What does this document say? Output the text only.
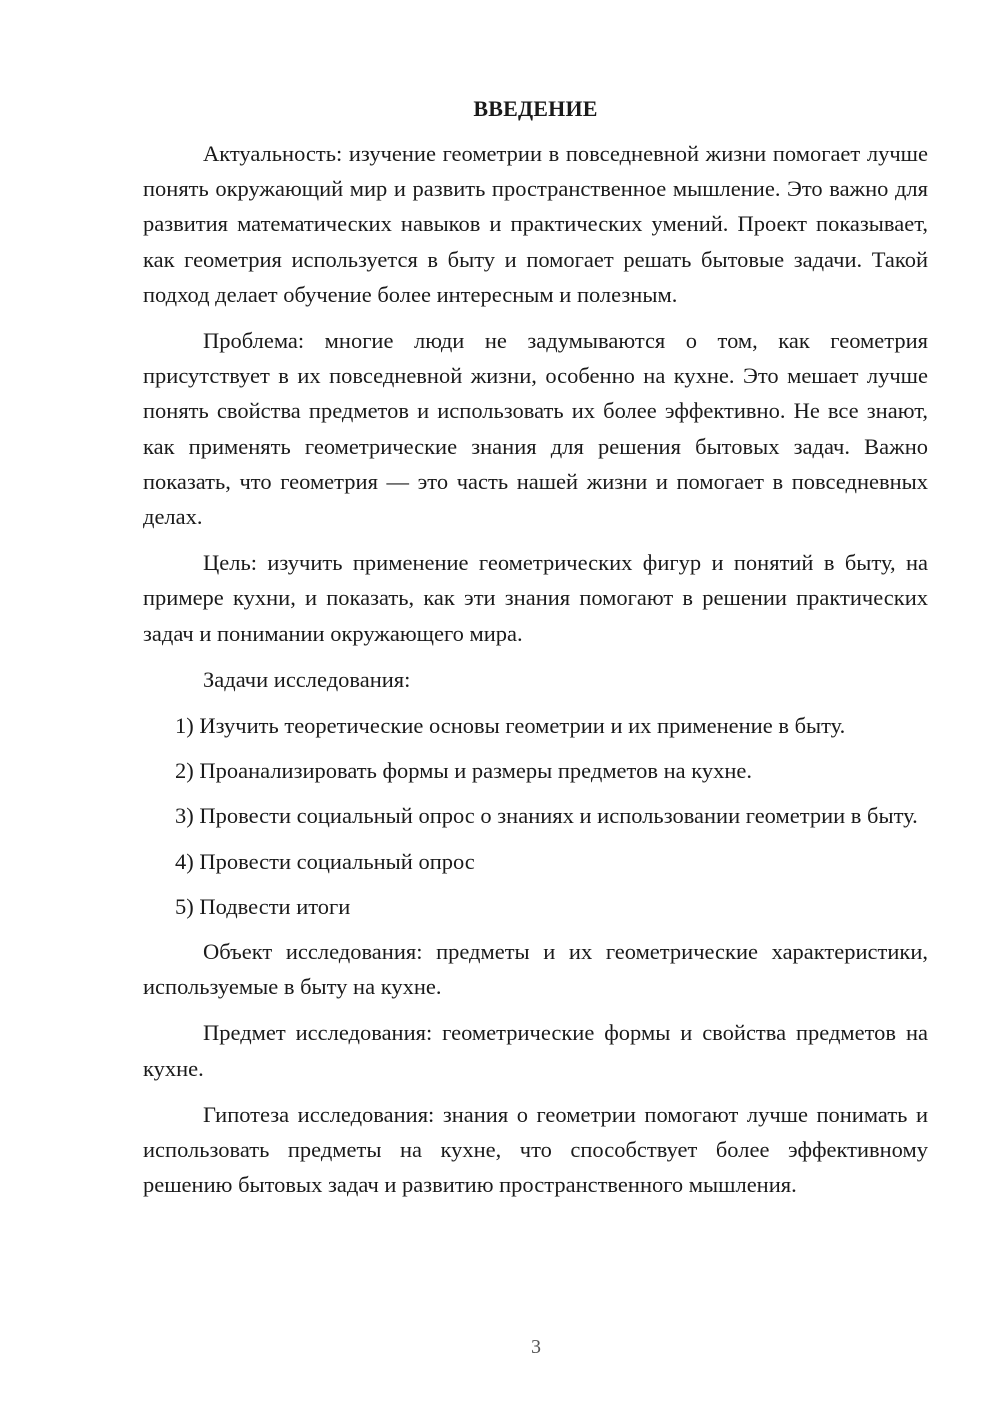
ВВЕДЕНИЕ

Актуальность: изучение геометрии в повседневной жизни помогает лучше понять окружающий мир и развить пространственное мышление. Это важно для развития математических навыков и практических умений. Проект показывает, как геометрия используется в быту и помогает решать бытовые задачи. Такой подход делает обучение более интересным и полезным.

Проблема: многие люди не задумываются о том, как геометрия присутствует в их повседневной жизни, особенно на кухне. Это мешает лучше понять свойства предметов и использовать их более эффективно. Не все знают, как применять геометрические знания для решения бытовых задач. Важно показать, что геометрия — это часть нашей жизни и помогает в повседневных делах.

Цель: изучить применение геометрических фигур и понятий в быту, на примере кухни, и показать, как эти знания помогают в решении практических задач и понимании окружающего мира.

Задачи исследования:

1) Изучить теоретические основы геометрии и их применение в быту.

2) Проанализировать формы и размеры предметов на кухне.

3) Провести социальный опрос о знаниях и использовании геометрии в быту.

4) Провести социальный опрос

5) Подвести итоги

Объект исследования: предметы и их геометрические характеристики, используемые в быту на кухне.

Предмет исследования: геометрические формы и свойства предметов на кухне.

Гипотеза исследования: знания о геометрии помогают лучше понимать и использовать предметы на кухне, что способствует более эффективному решению бытовых задач и развитию пространственного мышления.

3
